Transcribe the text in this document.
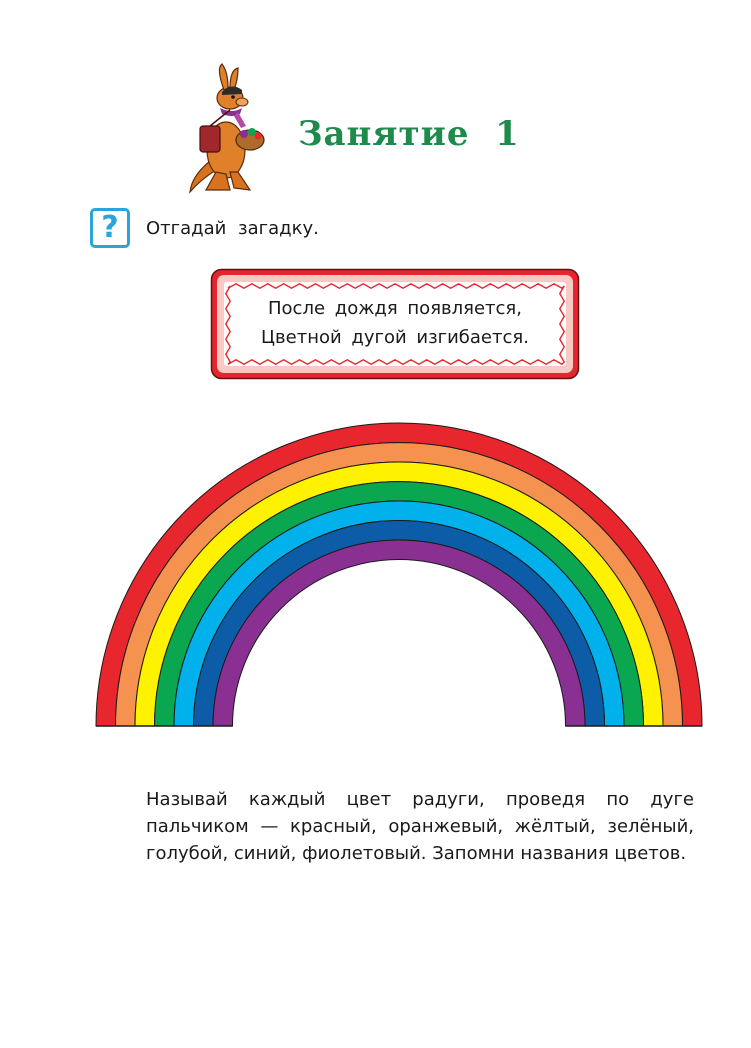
Занятие  1
? Отгадай загадку.
После дождя появляется,
Цветной дугой изгибается.

Называй каждый цвет радуги, проведя по дуге пальчиком — красный, оранжевый, жёлтый, зелёный, голубой, синий, фиолетовый. Запомни названия цветов.
